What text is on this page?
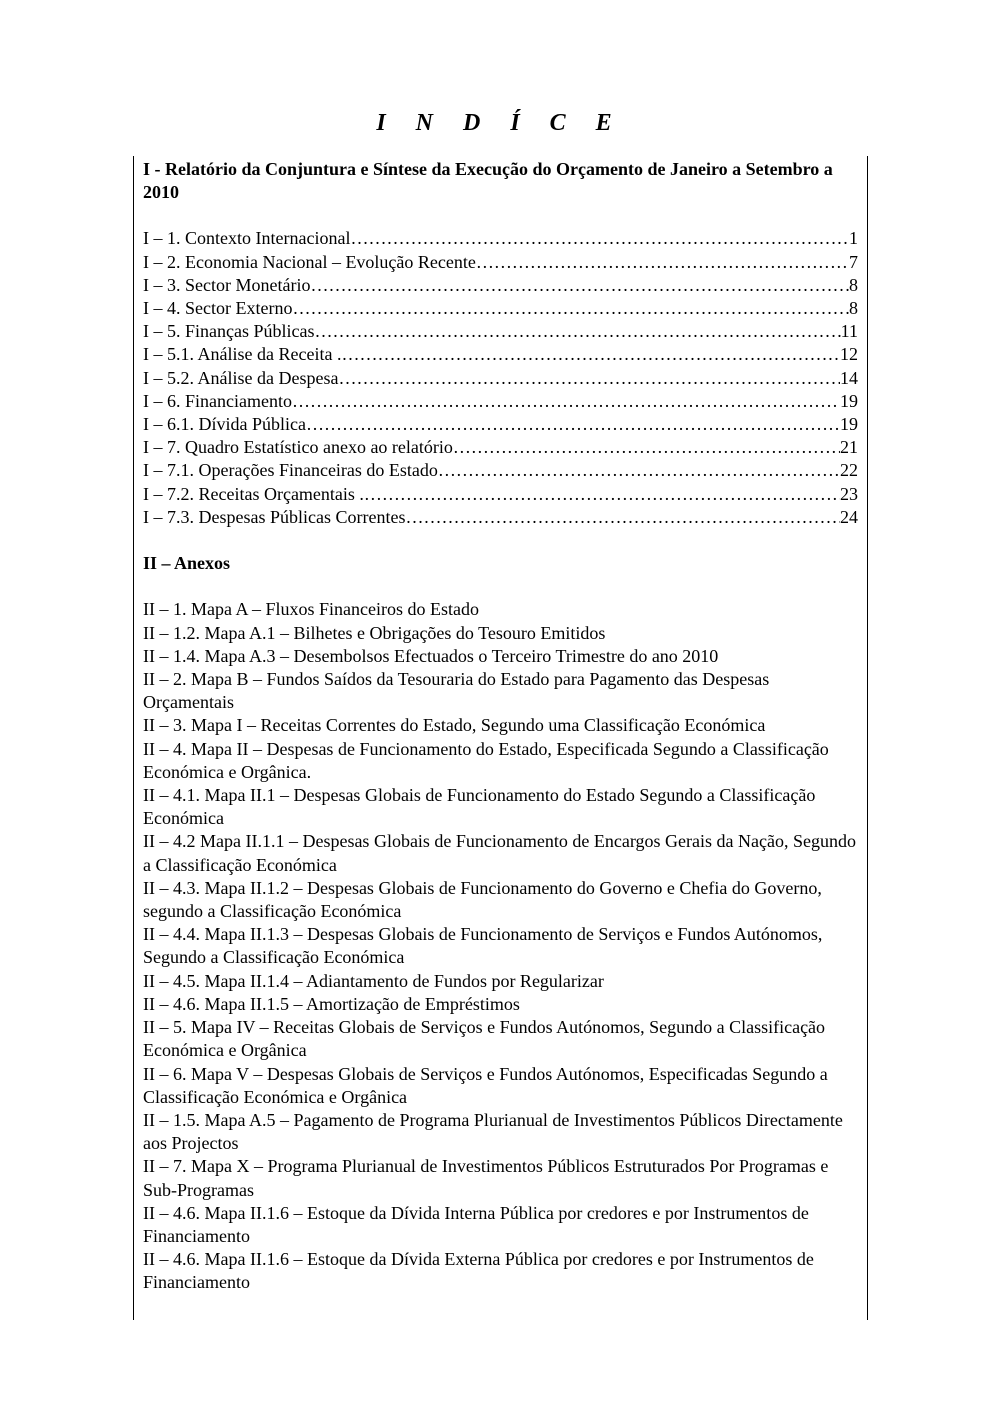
I N D Í C E

I - Relatório da Conjuntura e Síntese da Execução do Orçamento de Janeiro a Setembro a 2010

I – 1. Contexto Internacional …………………………………………………………………………………………………………………………………………………………………………………………………………	1
I – 2. Economia Nacional – Evolução Recente …………………………………………………………………………………………………………………………………………………………………………………………………………	7
I – 3. Sector Monetário …………………………………………………………………………………………………………………………………………………………………………………………………………	8
I – 4. Sector Externo …………………………………………………………………………………………………………………………………………………………………………………………………………	8
I – 5. Finanças Públicas …………………………………………………………………………………………………………………………………………………………………………………………………………	11
I – 5.1. Análise da Receita . …………………………………………………………………………………………………………………………………………………………………………………………………………	12
I – 5.2. Análise da Despesa …………………………………………………………………………………………………………………………………………………………………………………………………………	14
I – 6. Financiamento …………………………………………………………………………………………………………………………………………………………………………………………………………	19
I – 6.1. Dívida Pública …………………………………………………………………………………………………………………………………………………………………………………………………………	19
I – 7. Quadro Estatístico anexo ao relatório …………………………………………………………………………………………………………………………………………………………………………………………………………	21
I – 7.1. Operações Financeiras do Estado …………………………………………………………………………………………………………………………………………………………………………………………………………	22
I – 7.2. Receitas Orçamentais . …………………………………………………………………………………………………………………………………………………………………………………………………………	23
I – 7.3. Despesas Públicas Correntes …………………………………………………………………………………………………………………………………………………………………………………………………………	24

II – Anexos

II – 1. Mapa A – Fluxos Financeiros do Estado

II – 1.2. Mapa A.1 – Bilhetes e Obrigações do Tesouro Emitidos

II – 1.4. Mapa A.3 – Desembolsos Efectuados o Terceiro Trimestre do ano 2010

II – 2. Mapa B – Fundos Saídos da Tesouraria do Estado para Pagamento das Despesas Orçamentais

II – 3. Mapa I – Receitas Correntes do Estado, Segundo uma Classificação Económica

II – 4. Mapa II – Despesas de Funcionamento do Estado, Especificada Segundo a Classificação Económica e Orgânica.

II – 4.1. Mapa II.1 – Despesas Globais de Funcionamento do Estado Segundo a Classificação Económica

II – 4.2 Mapa II.1.1 – Despesas Globais de Funcionamento de Encargos Gerais da Nação, Segundo a Classificação Económica

II – 4.3. Mapa II.1.2 – Despesas Globais de Funcionamento do Governo e Chefia do Governo, segundo a Classificação Económica

II – 4.4. Mapa II.1.3 – Despesas Globais de Funcionamento de Serviços e Fundos Autónomos, Segundo a Classificação Económica

II – 4.5. Mapa II.1.4 – Adiantamento de Fundos por Regularizar

II – 4.6. Mapa II.1.5 – Amortização de Empréstimos

II – 5. Mapa IV – Receitas Globais de Serviços e Fundos Autónomos, Segundo a Classificação Económica e Orgânica

II – 6. Mapa V – Despesas Globais de Serviços e Fundos Autónomos, Especificadas Segundo a Classificação Económica e Orgânica

II – 1.5. Mapa A.5 – Pagamento de Programa Plurianual de Investimentos Públicos Directamente aos Projectos

II – 7. Mapa X – Programa Plurianual de Investimentos Públicos Estruturados Por Programas e Sub-Programas

II – 4.6. Mapa II.1.6 – Estoque da Dívida Interna Pública por credores e por Instrumentos de Financiamento

II – 4.6. Mapa II.1.6 – Estoque da Dívida Externa Pública por credores e por Instrumentos de Financiamento
